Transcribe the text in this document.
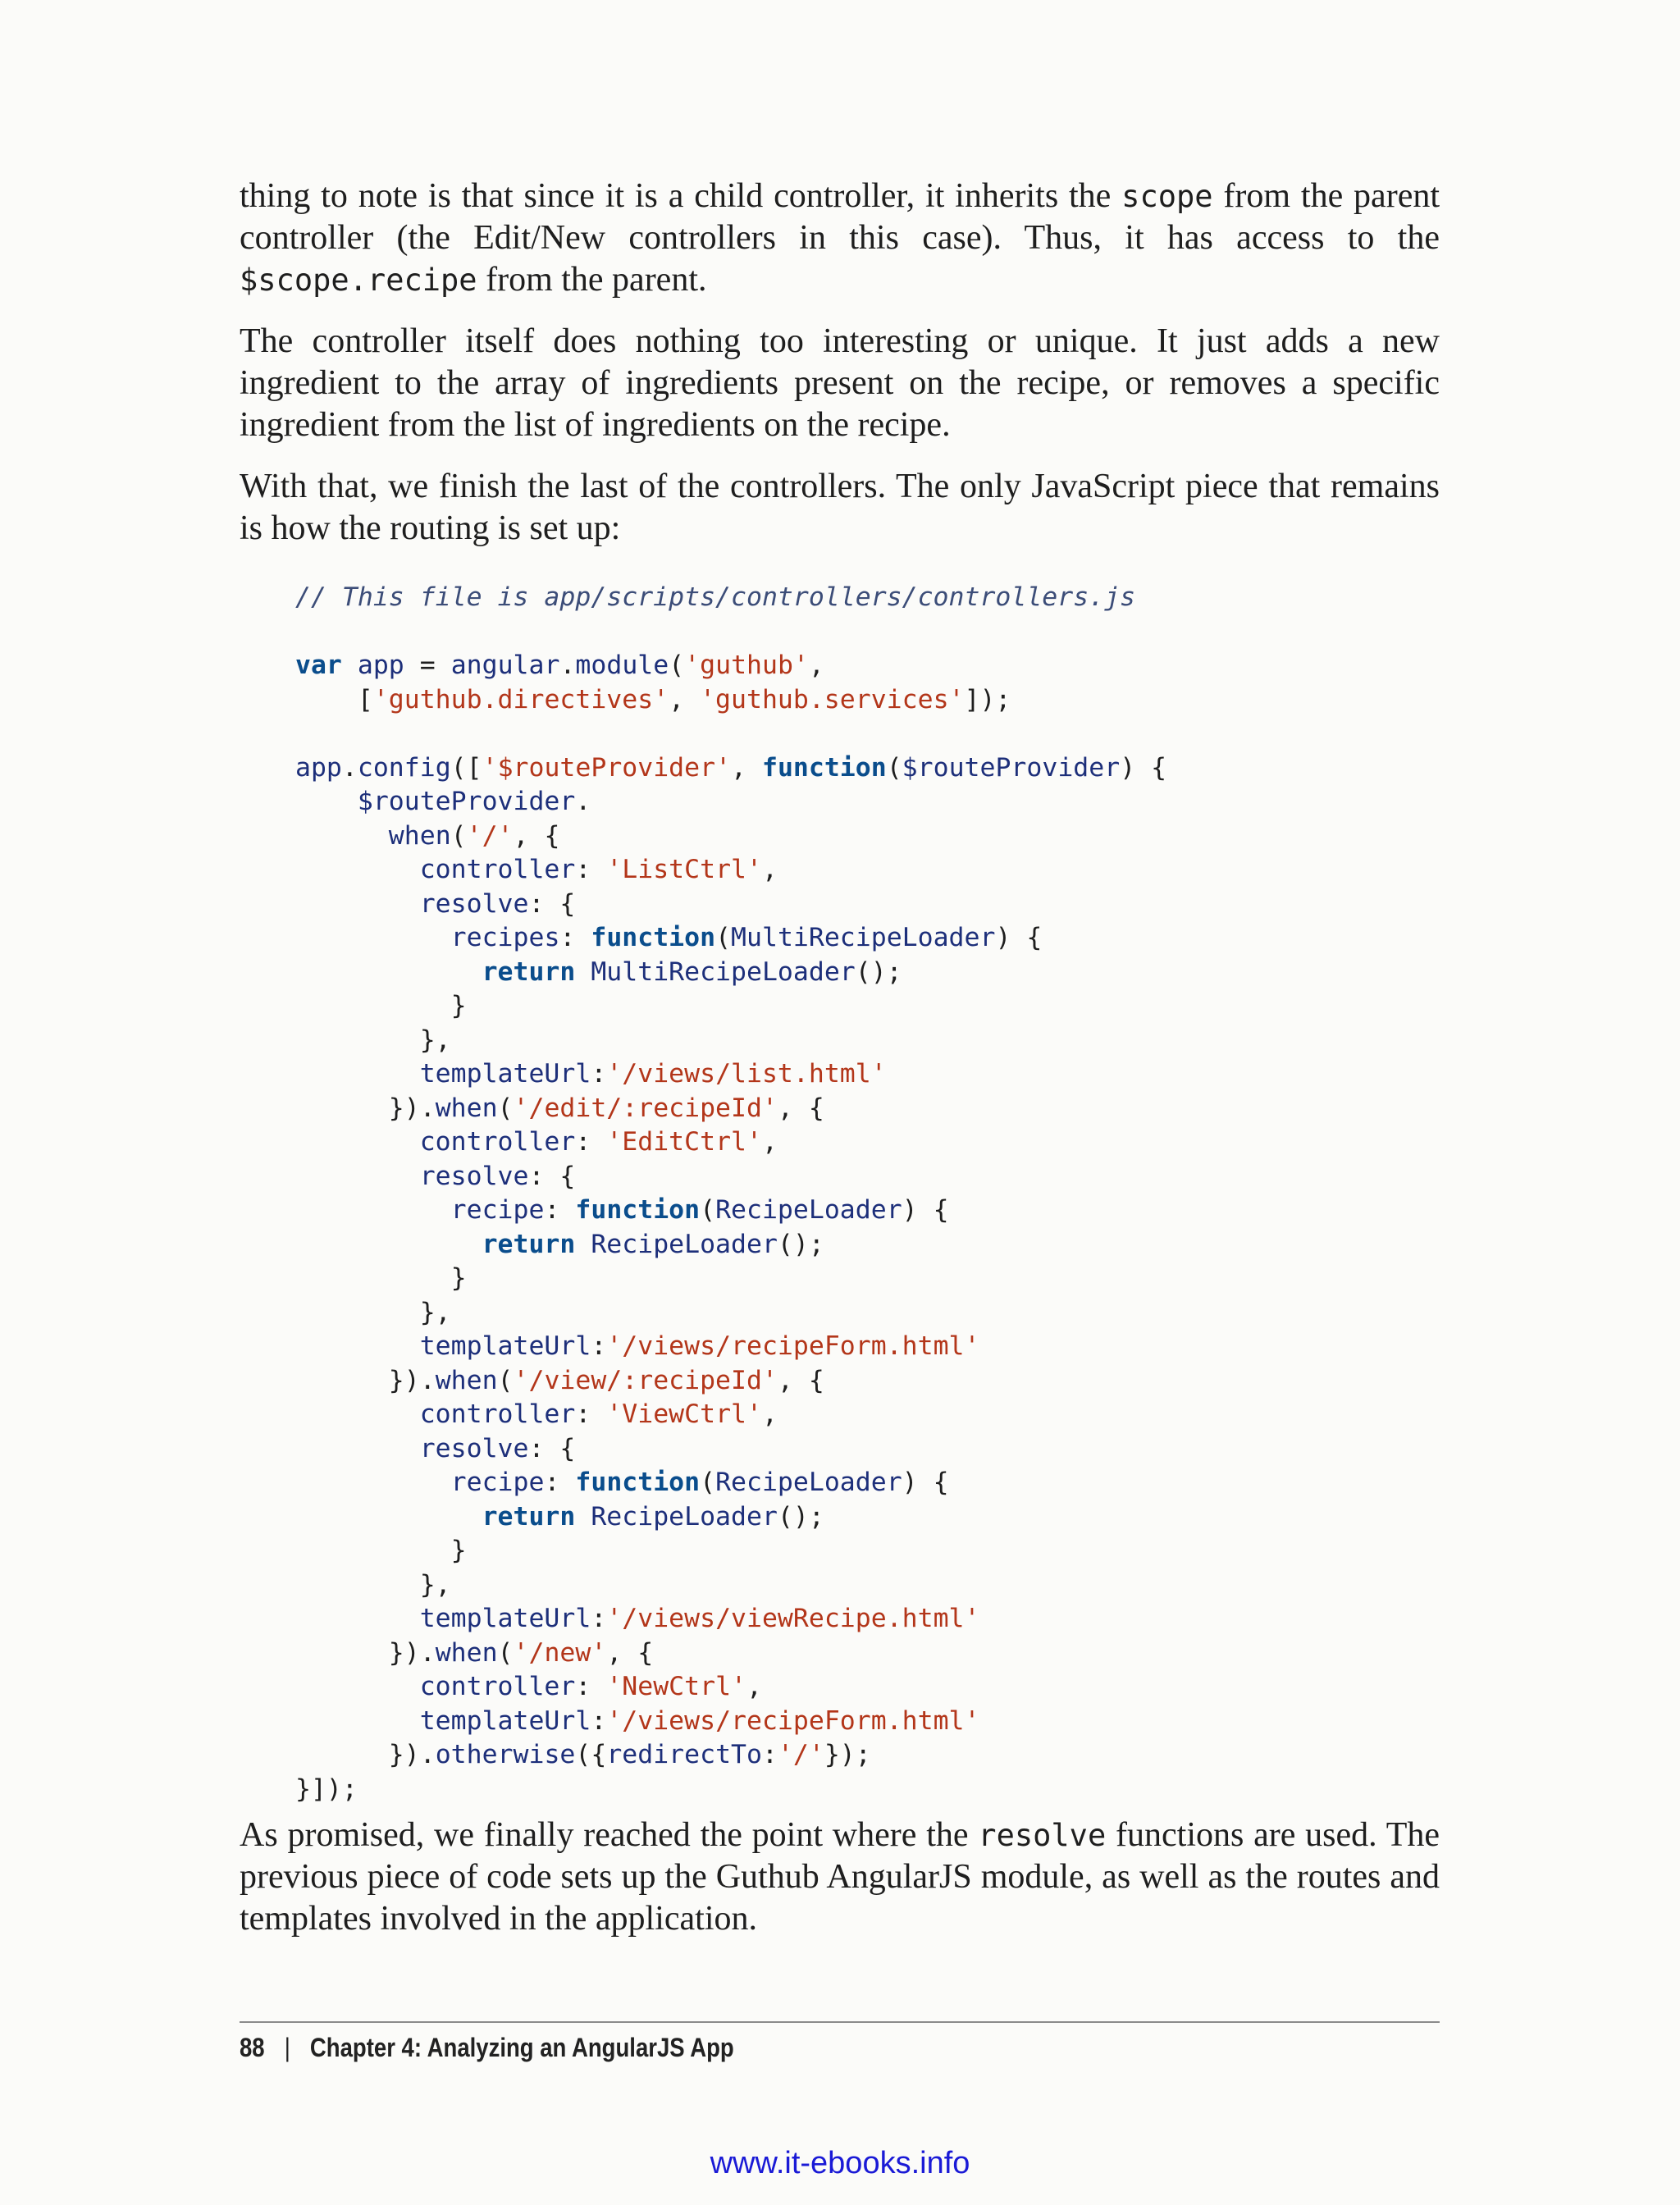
thing to note is that since it is a child controller, it inherits the scope from the parent controller (the Edit/New controllers in this case). Thus, it has access to the $scope.recipe from the parent.

The controller itself does nothing too interesting or unique. It just adds a new ingredient to the array of ingredients present on the recipe, or removes a specific ingredient from the list of ingredients on the recipe.

With that, we finish the last of the controllers. The only JavaScript piece that remains is how the routing is set up:

// This file is app/scripts/controllers/controllers.js
var app = angular.module('guthub',
['guthub.directives', 'guthub.services']);
app.config(['$routeProvider', function($routeProvider) {
$routeProvider.
when('/', {
controller: 'ListCtrl',
resolve: {
recipes: function(MultiRecipeLoader) {
return MultiRecipeLoader();
}
},
templateUrl:'/views/list.html'
}).when('/edit/:recipeId', {
controller: 'EditCtrl',
resolve: {
recipe: function(RecipeLoader) {
return RecipeLoader();
}
},
templateUrl:'/views/recipeForm.html'
}).when('/view/:recipeId', {
controller: 'ViewCtrl',
resolve: {
recipe: function(RecipeLoader) {
return RecipeLoader();
}
},
templateUrl:'/views/viewRecipe.html'
}).when('/new', {
controller: 'NewCtrl',
templateUrl:'/views/recipeForm.html'
}).otherwise({redirectTo:'/'});
}]);

As promised, we finally reached the point where the resolve functions are used. The previous piece of code sets up the Guthub AngularJS module, as well as the routes and templates involved in the application.

88 | Chapter 4: Analyzing an AngularJS App
www.it-ebooks.info
